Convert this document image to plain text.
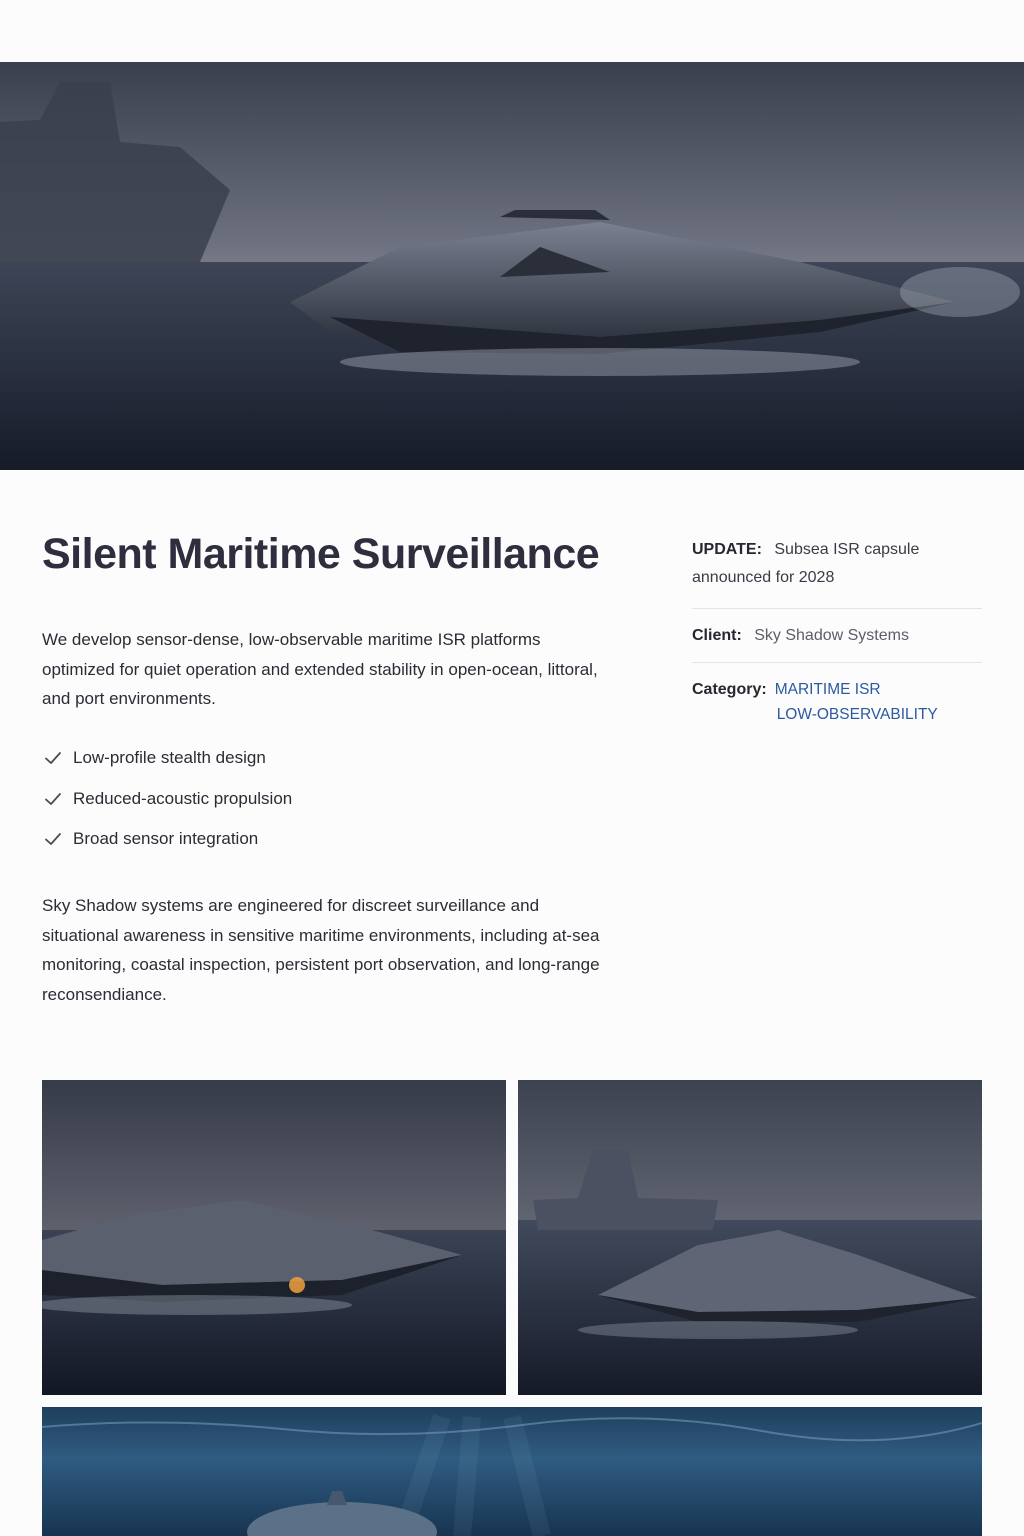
Silent Maritime Surveillance

We develop sensor-dense, low-observable maritime ISR platforms optimized for quiet operation and extended stability in open-ocean, littoral, and port environments.

Low-profile stealth design
Reduced-acoustic propulsion
Broad sensor integration

Sky Shadow systems are engineered for discreet surveillance and situational awareness in sensitive maritime environments, including at-sea monitoring, coastal inspection, persistent port observation, and long-range reconsendiance.

UPDATE: Subsea ISR capsule announced for 2028
Client: Sky Shadow Systems
Category: MARITIME ISR
LOW-OBSERVABILITY
